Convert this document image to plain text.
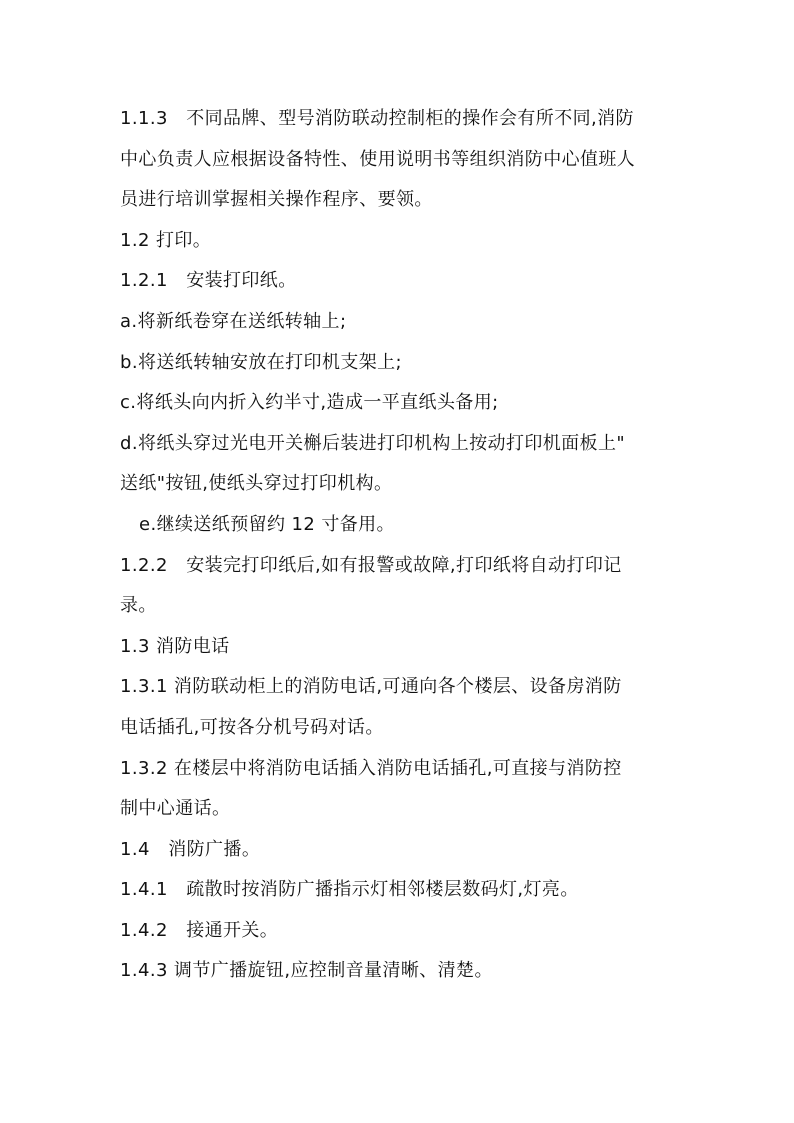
1.1.3　不同品牌、型号消防联动控制柜的操作会有所不同,消防
中心负责人应根据设备特性、使用说明书等组织消防中心值班人
员进行培训掌握相关操作程序、要领。
1.2 打印。
1.2.1　安装打印纸。
a.将新纸卷穿在送纸转轴上;
b.将送纸转轴安放在打印机支架上;
c.将纸头向内折入约半寸,造成一平直纸头备用;
d.将纸头穿过光电开关槲后装进打印机构上按动打印机面板上"
送纸"按钮,使纸头穿过打印机构。
e.继续送纸预留约 12 寸备用。
1.2.2　安装完打印纸后,如有报警或故障,打印纸将自动打印记
录。
1.3 消防电话
1.3.1 消防联动柜上的消防电话,可通向各个楼层、设备房消防
电话插孔,可按各分机号码对话。
1.3.2 在楼层中将消防电话插入消防电话插孔,可直接与消防控
制中心通话。
1.4　消防广播。
1.4.1　疏散时按消防广播指示灯相邻楼层数码灯,灯亮。
1.4.2　接通开关。
1.4.3 调节广播旋钮,应控制音量清晰、清楚。
